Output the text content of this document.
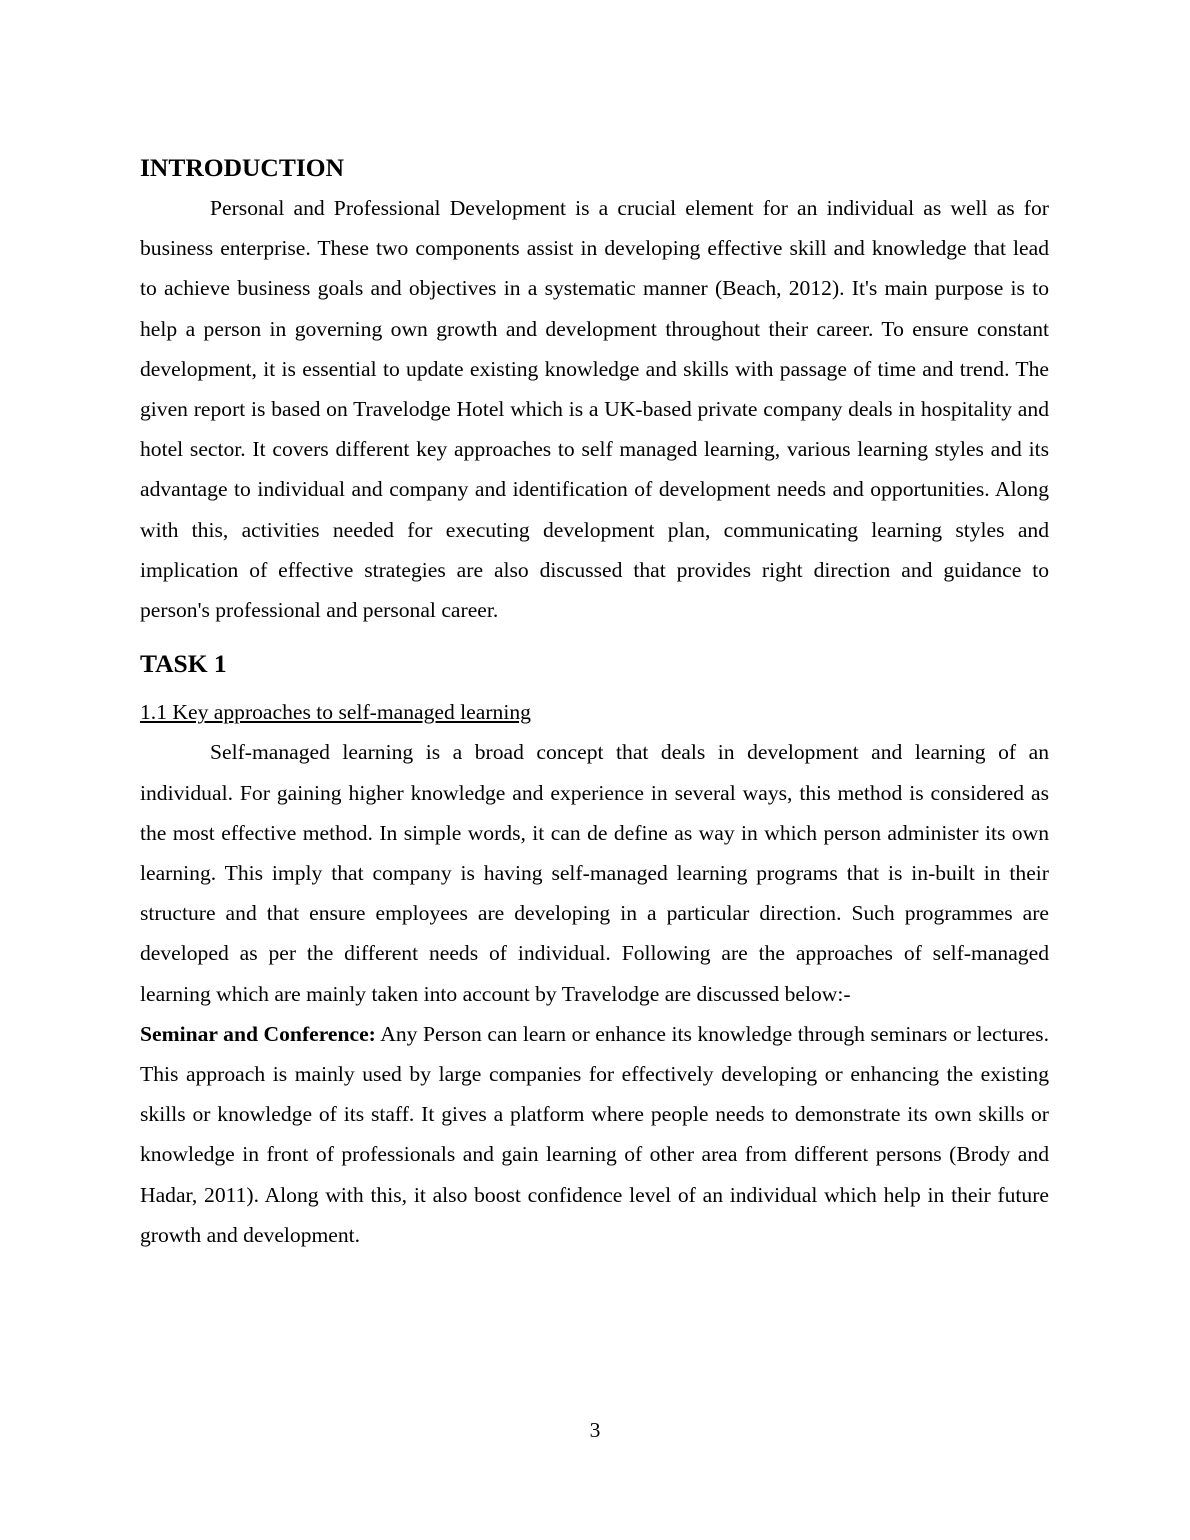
INTRODUCTION

Personal and Professional Development is a crucial element for an individual as well as for business enterprise. These two components assist in developing effective skill and knowledge that lead to achieve business goals and objectives in a systematic manner (Beach, 2012). It's main purpose is to help a person in governing own growth and development throughout their career. To ensure constant development, it is essential to update existing knowledge and skills with passage of time and trend. The given report is based on Travelodge Hotel which is a UK-based private company deals in hospitality and hotel sector. It covers different key approaches to self managed learning, various learning styles and its advantage to individual and company and identification of development needs and opportunities. Along with this, activities needed for executing development plan, communicating learning styles and implication of effective strategies are also discussed that provides right direction and guidance to person's professional and personal career.

TASK 1

1.1 Key approaches to self-managed learning

Self-managed learning is a broad concept that deals in development and learning of an individual. For gaining higher knowledge and experience in several ways, this method is considered as the most effective method. In simple words, it can de define as way in which person administer its own learning. This imply that company is having self-managed learning programs that is in-built in their structure and that ensure employees are developing in a particular direction. Such programmes are developed as per the different needs of individual. Following are the approaches of self-managed learning which are mainly taken into account by Travelodge are discussed below:-

Seminar and Conference: Any Person can learn or enhance its knowledge through seminars or lectures. This approach is mainly used by large companies for effectively developing or enhancing the existing skills or knowledge of its staff. It gives a platform where people needs to demonstrate its own skills or knowledge in front of professionals and gain learning of other area from different persons (Brody and Hadar, 2011). Along with this, it also boost confidence level of an individual which help in their future growth and development.

3
